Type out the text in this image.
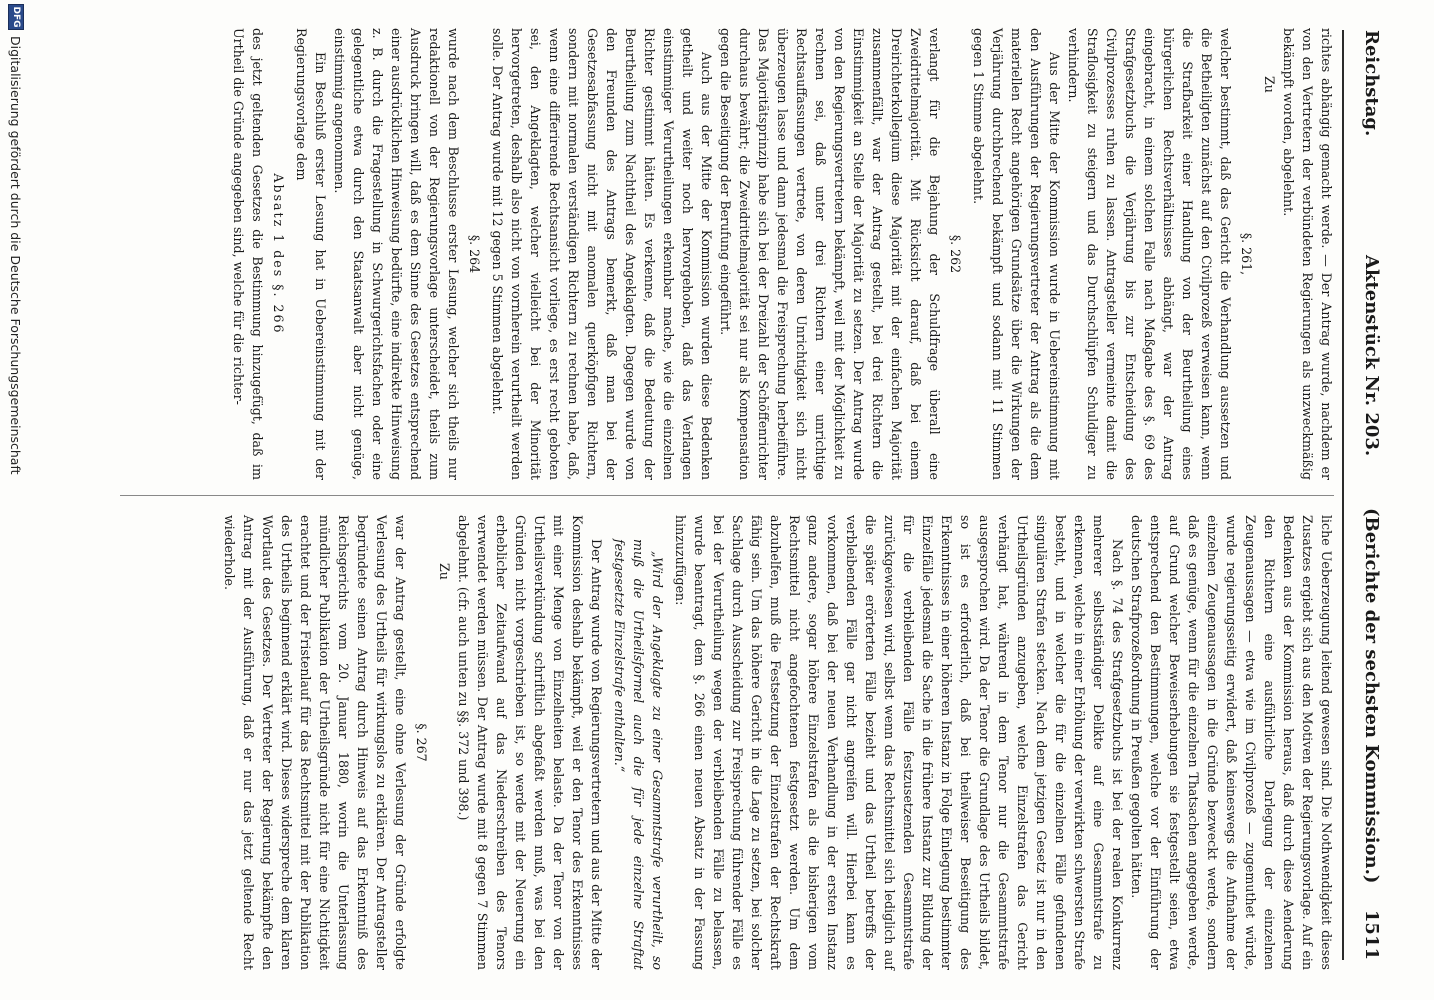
Reichstag.
Aktenstück Nr. 203.
(Berichte der sechsten Kommission.)
1511

richtes abhängig gemacht werde. — Der Antrag wurde, nachdem er von den Vertretern der verbündeten Regierungen als unzweckmäßig bekämpft worden, abgelehnt.

Zu

§. 261,

welcher bestimmt, daß das Gericht die Verhandlung aussetzen und die Betheiligten zunächst auf den Civilprozeß verweisen kann, wenn die Strafbarkeit einer Handlung von der Beurtheilung eines bürgerlichen Rechtsverhältnisses abhängt, war der Antrag eingebracht, in einem solchen Falle nach Maßgabe des §. 69 des Strafgesetzbuchs die Verjährung bis zur Entscheidung des Civilprozesses ruhen zu lassen. Antragsteller vermeinte damit die Straflosigkeit zu steigern und das Durchschlüpfen Schuldiger zu verhindern.

Aus der Mitte der Kommission wurde in Uebereinstimmung mit den Ausführungen der Regierungsvertreter der Antrag als die dem materiellen Recht angehörigen Grundsätze über die Wirkungen der Verjährung durchbrechend bekämpft und sodann mit 11 Stimmen gegen 1 Stimme abgelehnt.

§. 262

verlangt für die Bejahung der Schuldfrage überall eine Zweidrittelmajorität. Mit Rücksicht darauf, daß bei einem Dreirichterkollegium diese Majorität mit der einfachen Majorität zusammenfällt, war der Antrag gestellt, bei drei Richtern die Einstimmigkeit an Stelle der Majorität zu setzen. Der Antrag wurde von den Regierungsvertretern bekämpft, weil mit der Möglichkeit zu rechnen sei, daß unter drei Richtern einer unrichtige Rechtsauffassungen vertrete, von deren Unrichtigkeit sich nicht überzeugen lasse und dann jedesmal die Freisprechung herbeiführe. Das Majoritätsprinzip habe sich bei der Dreizahl der Schöffenrichter durchaus bewährt; die Zweidrittelmajorität sei nur als Kompensation gegen die Beseitigung der Berufung eingeführt.

Auch aus der Mitte der Kommission wurden diese Bedenken getheilt und weiter noch hervorgehoben, daß das Verlangen einstimmiger Verurtheilungen erkennbar mache, wie die einzelnen Richter gestimmt hätten. Es verkenne, daß die Bedeutung der Beurtheilung zum Nachtheil des Angeklagten. Dagegen wurde von den Freunden des Antrags bemerkt, daß man bei der Gesetzesabfassung nicht mit anomalen querköpfigen Richtern, sondern mit normalen verständigen Richtern zu rechnen habe, daß, wenn eine differirende Rechtsansicht vorliege, es erst recht geboten sei, den Angeklagten, welcher vielleicht bei der Minorität hervorgetreten, deshalb also nicht von vornherein verurtheilt werden solle. Der Antrag wurde mit 12 gegen 5 Stimmen abgelehnt.

§. 264

wurde nach dem Beschlusse erster Lesung, welcher sich theils nur redaktionell von der Regierungsvorlage unterscheidet, theils zum Ausdruck bringen will, daß es dem Sinne des Gesetzes entsprechend einer ausdrücklichen Hinweisung bedürfte, eine indirekte Hinweisung z. B. durch die Fragestellung in Schwurgerichtsfachen oder eine gelegentliche etwa durch den Staatsanwalt aber nicht genüge, einstimmig angenommen.

Ein Beschluß erster Lesung hat in Uebereinstimmung mit der Regierungsvorlage dem

Absatz 1 des §. 266

des jetzt geltenden Gesetzes die Bestimmung hinzugefügt, daß im Urtheil die Gründe angegeben sind, welche für die richter-

liche Ueberzeugung leitend gewesen sind. Die Nothwendigkeit dieses Zusatzes ergiebt sich aus den Motiven der Regierungsvorlage. Auf ein Bedenken aus der Kommission heraus, daß durch diese Aenderung den Richtern eine ausführliche Darlegung der einzelnen Zeugenaussagen — etwa wie im Civilprozeß — zugemuthet würde, wurde regierungsseitig erwidert, daß keineswegs die Aufnahme der einzelnen Zeugenaussagen in die Gründe bezweckt werde, sondern daß es genüge, wenn für die einzelnen Thatsachen angegeben werde, auf Grund welcher Beweiserhebungen sie festgestellt seien, etwa entsprechend den Bestimmungen, welche vor der Einführung der deutschen Strafprozeßordnung in Preußen gegolten hätten.

Nach §. 74 des Strafgesetzbuchs ist bei der realen Konkurrenz mehrerer selbstständiger Delikte auf eine Gesammtstrafe zu erkennen, welche in einer Erhöhung der verwirkten schwersten Strafe besteht, und in welcher die für die einzelnen Fälle gefundenen singulären Strafen stecken. Nach dem jetzigen Gesetz ist nur in den Urtheilsgründen anzugeben, welche Einzelstrafen das Gericht verhängt hat, während in dem Tenor nur die Gesammtstrafe ausgesprochen wird. Da der Tenor die Grundlage des Urtheils bildet, so ist es erforderlich, daß bei theilweiser Beseitigung des Erkenntnisses in einer höheren Instanz in Folge Einlegung bestimmter Einzelfälle jedesmal die Sache in die frühere Instanz zur Bildung der für die verbleibenden Fälle festzusetzenden Gesammtstrafe zurückgewiesen wird, selbst wenn das Rechtsmittel sich lediglich auf die später erörterten Fälle bezieht und das Urtheil betreffs der verbleibenden Fälle gar nicht angreifen will. Hierbei kann es vorkommen, daß bei der neuen Verhandlung in der ersten Instanz ganz andere, sogar höhere Einzelstrafen als die bisherigen vom Rechtsmittel nicht angefochtenen festgesetzt werden. Um dem abzuhelfen, muß die Festsetzung der Einzelstrafen der Rechtskraft fähig sein. Um das höhere Gericht in die Lage zu setzen, bei solcher Sachlage durch Ausscheidung zur Freisprechung führender Fälle es bei der Verurtheilung wegen der verbleibenden Fälle zu belassen, wurde beantragt, dem §. 266 einen neuen Absatz in der Fassung hinzuzufügen:

„Wird der Angeklagte zu einer Gesammtstrafe verurtheilt, so muß die Urtheilsformel auch die für jede einzelne Straftat festgesetzte Einzelstrafe enthalten.“

Der Antrag wurde von Regierungsvertretern und aus der Mitte der Kommission deshalb bekämpft, weil er den Tenor des Erkenntnisses mit einer Menge von Einzelheiten belaste. Da der Tenor von der Urtheilsverkündung schriftlich abgefaßt werden muß, was bei den Gründen nicht vorgeschrieben ist, so werde mit der Neuerung ein erheblicher Zeitaufwand auf das Niederschreiben des Tenors verwendet werden müssen. Der Antrag wurde mit 8 gegen 7 Stimmen abgelehnt. (cfr. auch unten zu §§. 372 und 398.)

Zu

§. 267

war der Antrag gestellt, eine ohne Verlesung der Gründe erfolgte Verlesung des Urtheils für wirkungslos zu erklären. Der Antragsteller begründete seinen Antrag durch Hinweis auf das Erkenntniß des Reichsgerichts vom 20. Januar 1880, worin die Unterlassung mündlicher Publikation der Urtheilsgründe nicht für eine Nichtigkeit erachtet und der Fristenlauf für das Rechtsmittel mit der Publikation des Urtheils beginnend erklärt wird. Dieses widerspreche dem klaren Wortlaut des Gesetzes. Der Vertreter der Regierung bekämpfte den Antrag mit der Ausführung, daß er nur das jetzt geltende Recht wiederhole.

DFG
Digitalisierung gefördert durch die Deutsche Forschungsgemeinschaft
